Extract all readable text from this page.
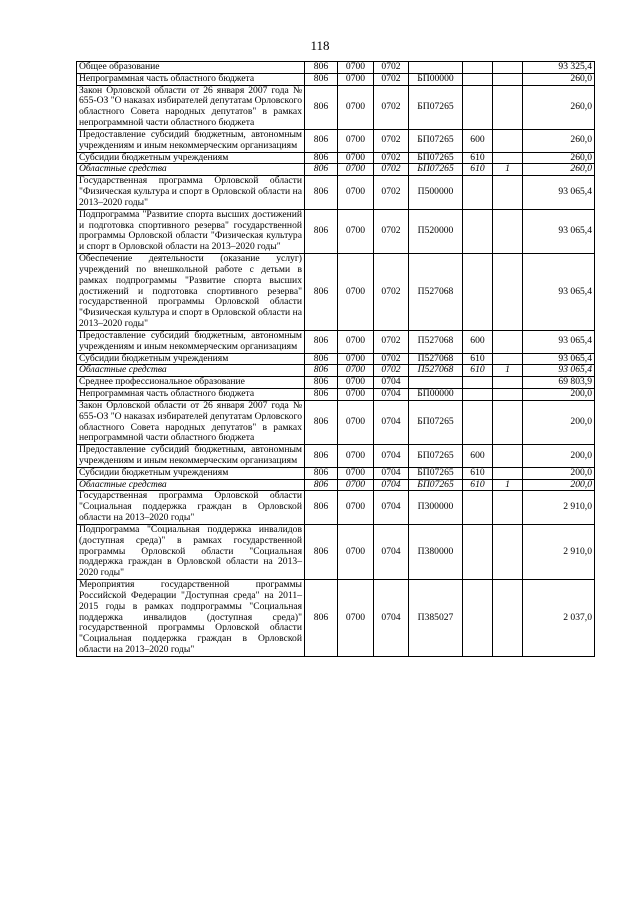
118
Общее образование	806	0700	0702				93 325,4
Непрограммная часть областного бюджета	806	0700	0702	БП00000			260,0
Закон Орловской области от 26 января 2007 года № 655-ОЗ "О наказах избирателей депутатам Орловского областного Совета народных депутатов" в рамках непрограммной части областного бюджета	806	0700	0702	БП07265			260,0
Предоставление субсидий бюджетным, автономным учреждениям и иным некоммерческим организациям	806	0700	0702	БП07265	600		260,0
Субсидии бюджетным учреждениям	806	0700	0702	БП07265	610		260,0
Областные средства	806	0700	0702	БП07265	610	1	260,0
Государственная программа Орловской области "Физическая культура и спорт в Орловской области на 2013–2020 годы"	806	0700	0702	П500000			93 065,4
Подпрограмма "Развитие спорта высших достижений и подготовка спортивного резерва" государственной программы Орловской области "Физическая культура и спорт в Орловской области на 2013–2020 годы"	806	0700	0702	П520000			93 065,4
Обеспечение деятельности (оказание услуг) учреждений по внешкольной работе с детьми в рамках подпрограммы "Развитие спорта высших достижений и подготовка спортивного резерва" государственной программы Орловской области "Физическая культура и спорт в Орловской области на 2013–2020 годы"	806	0700	0702	П527068			93 065,4
Предоставление субсидий бюджетным, автономным учреждениям и иным некоммерческим организациям	806	0700	0702	П527068	600		93 065,4
Субсидии бюджетным учреждениям	806	0700	0702	П527068	610		93 065,4
Областные средства	806	0700	0702	П527068	610	1	93 065,4
Среднее профессиональное образование	806	0700	0704				69 803,9
Непрограммная часть областного бюджета	806	0700	0704	БП00000			200,0
Закон Орловской области от 26 января 2007 года № 655-ОЗ "О наказах избирателей депутатам Орловского областного Совета народных депутатов" в рамках непрограммной части областного бюджета	806	0700	0704	БП07265			200,0
Предоставление субсидий бюджетным, автономным учреждениям и иным некоммерческим организациям	806	0700	0704	БП07265	600		200,0
Субсидии бюджетным учреждениям	806	0700	0704	БП07265	610		200,0
Областные средства	806	0700	0704	БП07265	610	1	200,0
Государственная программа Орловской области "Социальная поддержка граждан в Орловской области на 2013–2020 годы"	806	0700	0704	П300000			2 910,0
Подпрограмма "Социальная поддержка инвалидов (доступная среда)" в рамках государственной программы Орловской области "Социальная поддержка граждан в Орловской области на 2013–2020 годы"	806	0700	0704	П380000			2 910,0
Мероприятия государственной программы Российской Федерации "Доступная среда" на 2011–2015 годы в рамках подпрограммы "Социальная поддержка инвалидов (доступная среда)" государственной программы Орловской области "Социальная поддержка граждан в Орловской области на 2013–2020 годы"	806	0700	0704	П385027			2 037,0
